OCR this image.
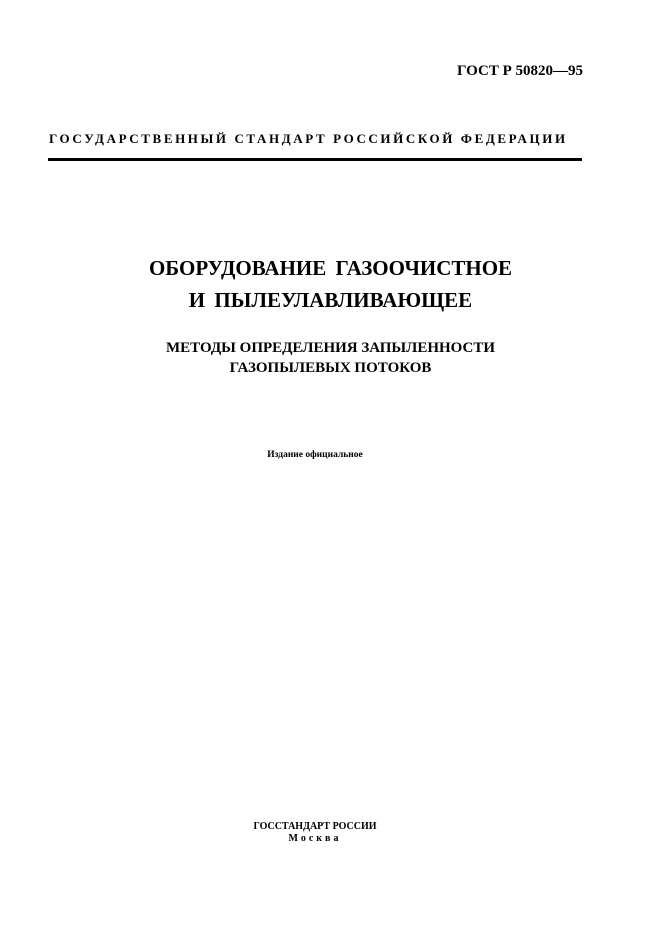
ГОСТ Р 50820—95
ГОСУДАРСТВЕННЫЙ СТАНДАРТ РОССИЙСКОЙ ФЕДЕРАЦИИ
ОБОРУДОВАНИЕ ГАЗООЧИСТНОЕ
И ПЫЛЕУЛАВЛИВАЮЩЕЕ
МЕТОДЫ ОПРЕДЕЛЕНИЯ ЗАПЫЛЕННОСТИ
ГАЗОПЫЛЕВЫХ ПОТОКОВ
Издание официальное
ГОССТАНДАРТ РОССИИ
Москва
